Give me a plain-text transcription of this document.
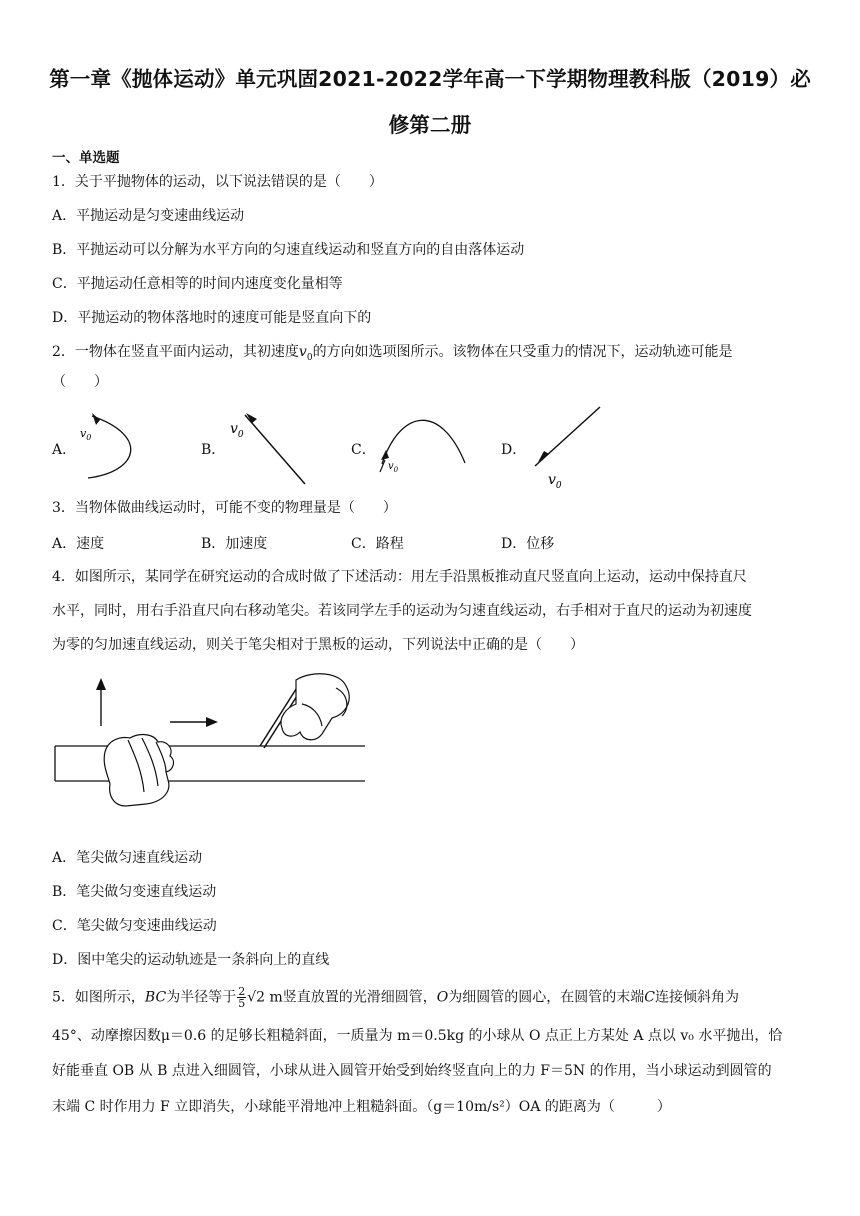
第一章《抛体运动》单元巩固2021-2022学年高一下学期物理教科版（2019）必
修第二册
一、单选题
1．关于平抛物体的运动，以下说法错误的是（　　）
A．平抛运动是匀变速曲线运动
B．平抛运动可以分解为水平方向的匀速直线运动和竖直方向的自由落体运动
C．平抛运动任意相等的时间内速度变化量相等
D．平抛运动的物体落地时的速度可能是竖直向下的
2．一物体在竖直平面内运动，其初速度$v_0$的方向如选项图所示。该物体在只受重力的情况下，运动轨迹可能是
（　　）
A．	B．	C．	D．
$v_0$
$v_0$
$v_0$
$v_0$
3．当物体做曲线运动时，可能不变的物理量是（　　）
A．速度	B．加速度	C．路程	D．位移
4．如图所示，某同学在研究运动的合成时做了下述活动：用左手沿黑板推动直尺竖直向上运动，运动中保持直尺
水平，同时，用右手沿直尺向右移动笔尖。若该同学左手的运动为匀速直线运动，右手相对于直尺的运动为初速度
为零的匀加速直线运动，则关于笔尖相对于黑板的运动，下列说法中正确的是（　　）
A．笔尖做匀速直线运动
B．笔尖做匀变速直线运动
C．笔尖做匀变速曲线运动
D．图中笔尖的运动轨迹是一条斜向上的直线
5．如图所示，BC为半径等于 $\frac{2}{5} √2$ m竖直放置的光滑细圆管，O为细圆管的圆心，在圆管的末端C连接倾斜角为
45°、动摩擦因数μ＝0.6 的足够长粗糙斜面，一质量为 m＝0.5kg 的小球从 O 点正上方某处 A 点以 v₀ 水平抛出，恰
好能垂直 OB 从 B 点进入细圆管，小球从进入圆管开始受到始终竖直向上的力 F＝5N 的作用，当小球运动到圆管的
末端 C 时作用力 F 立即消失，小球能平滑地冲上粗糙斜面。（g＝10m/s²）OA 的距离为（　　　）
